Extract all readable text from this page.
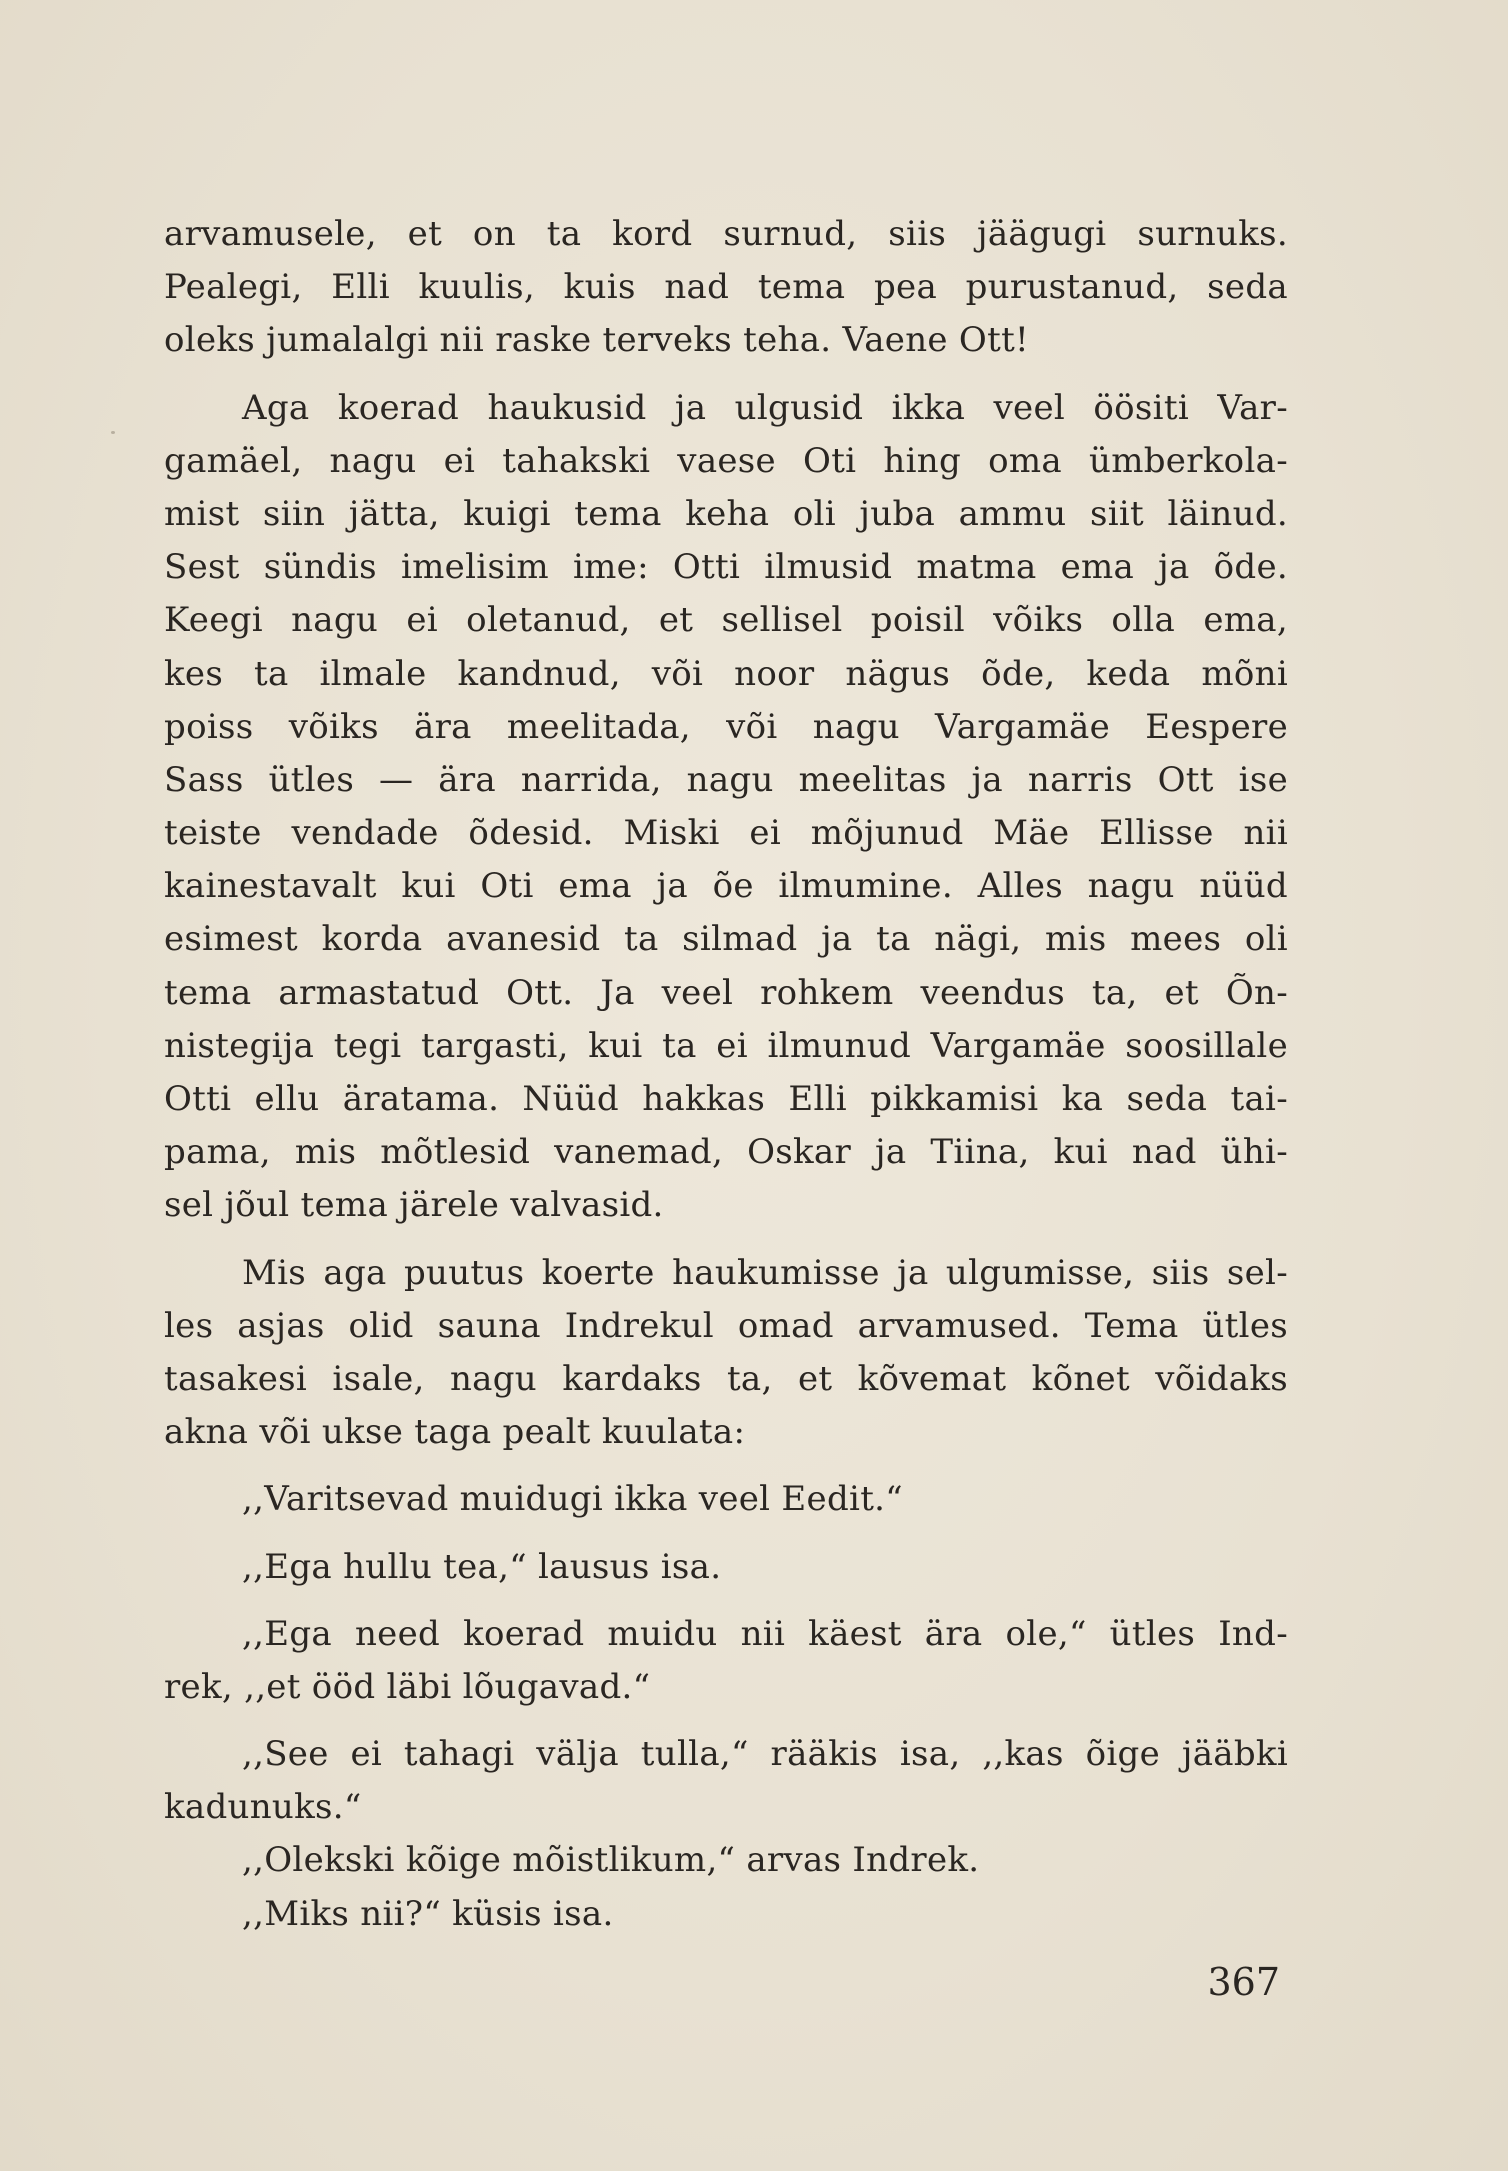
arvamusele, et on ta kord surnud, siis jäägugi surnuks.
Pealegi, Elli kuulis, kuis nad tema pea purustanud, seda
oleks jumalalgi nii raske terveks teha. Vaene Ott!
Aga koerad haukusid ja ulgusid ikka veel öösiti Var-
gamäel, nagu ei tahakski vaese Oti hing oma ümberkola-
mist siin jätta, kuigi tema keha oli juba ammu siit läinud.
Sest sündis imelisim ime: Otti ilmusid matma ema ja õde.
Keegi nagu ei oletanud, et sellisel poisil võiks olla ema,
kes ta ilmale kandnud, või noor nägus õde, keda mõni
poiss võiks ära meelitada, või nagu Vargamäe Eespere
Sass ütles — ära narrida, nagu meelitas ja narris Ott ise
teiste vendade õdesid. Miski ei mõjunud Mäe Ellisse nii
kainestavalt kui Oti ema ja õe ilmumine. Alles nagu nüüd
esimest korda avanesid ta silmad ja ta nägi, mis mees oli
tema armastatud Ott. Ja veel rohkem veendus ta, et Õn-
nistegija tegi targasti, kui ta ei ilmunud Vargamäe soosillale
Otti ellu äratama. Nüüd hakkas Elli pikkamisi ka seda tai-
pama, mis mõtlesid vanemad, Oskar ja Tiina, kui nad ühi-
sel jõul tema järele valvasid.
Mis aga puutus koerte haukumisse ja ulgumisse, siis sel-
les asjas olid sauna Indrekul omad arvamused. Tema ütles
tasakesi isale, nagu kardaks ta, et kõvemat kõnet võidaks
akna või ukse taga pealt kuulata:
,,Varitsevad muidugi ikka veel Eedit.“
,,Ega hullu tea,“ lausus isa.
,,Ega need koerad muidu nii käest ära ole,“ ütles Ind-
rek, ,,et ööd läbi lõugavad.“
,,See ei tahagi välja tulla,“ rääkis isa, ,,kas õige jääbki
kadunuks.“
,,Olekski kõige mõistlikum,“ arvas Indrek.
,,Miks nii?“ küsis isa.
367
